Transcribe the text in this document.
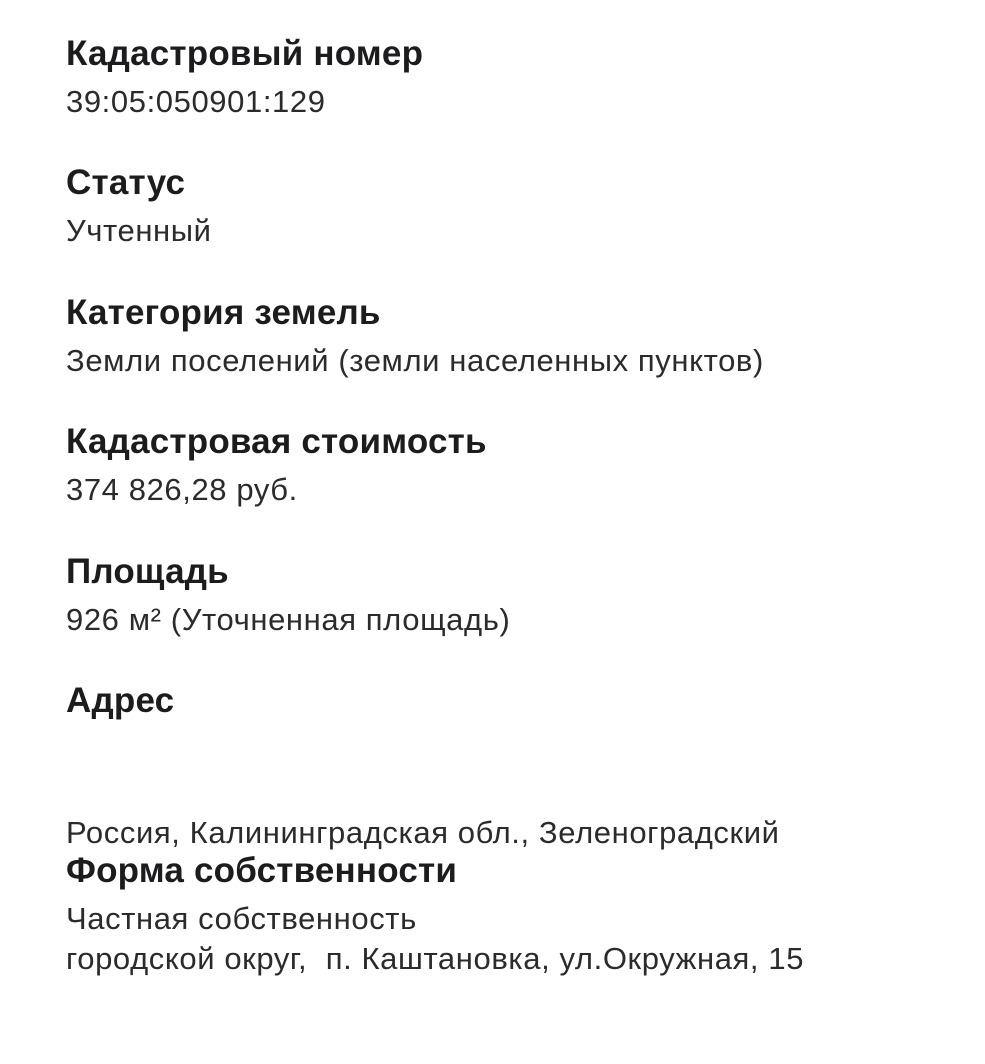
Кадастровый номер
39:05:050901:129
Статус
Учтенный
Категория земель
Земли поселений (земли населенных пунктов)
Кадастровая стоимость
374 826,28 руб.
Площадь
926 м² (Уточненная площадь)
Адрес

Россия, Калининградская обл., Зеленоградский

городской округ,  п. Каштановка, ул.Окружная, 15

Форма собственности
Частная собственность
